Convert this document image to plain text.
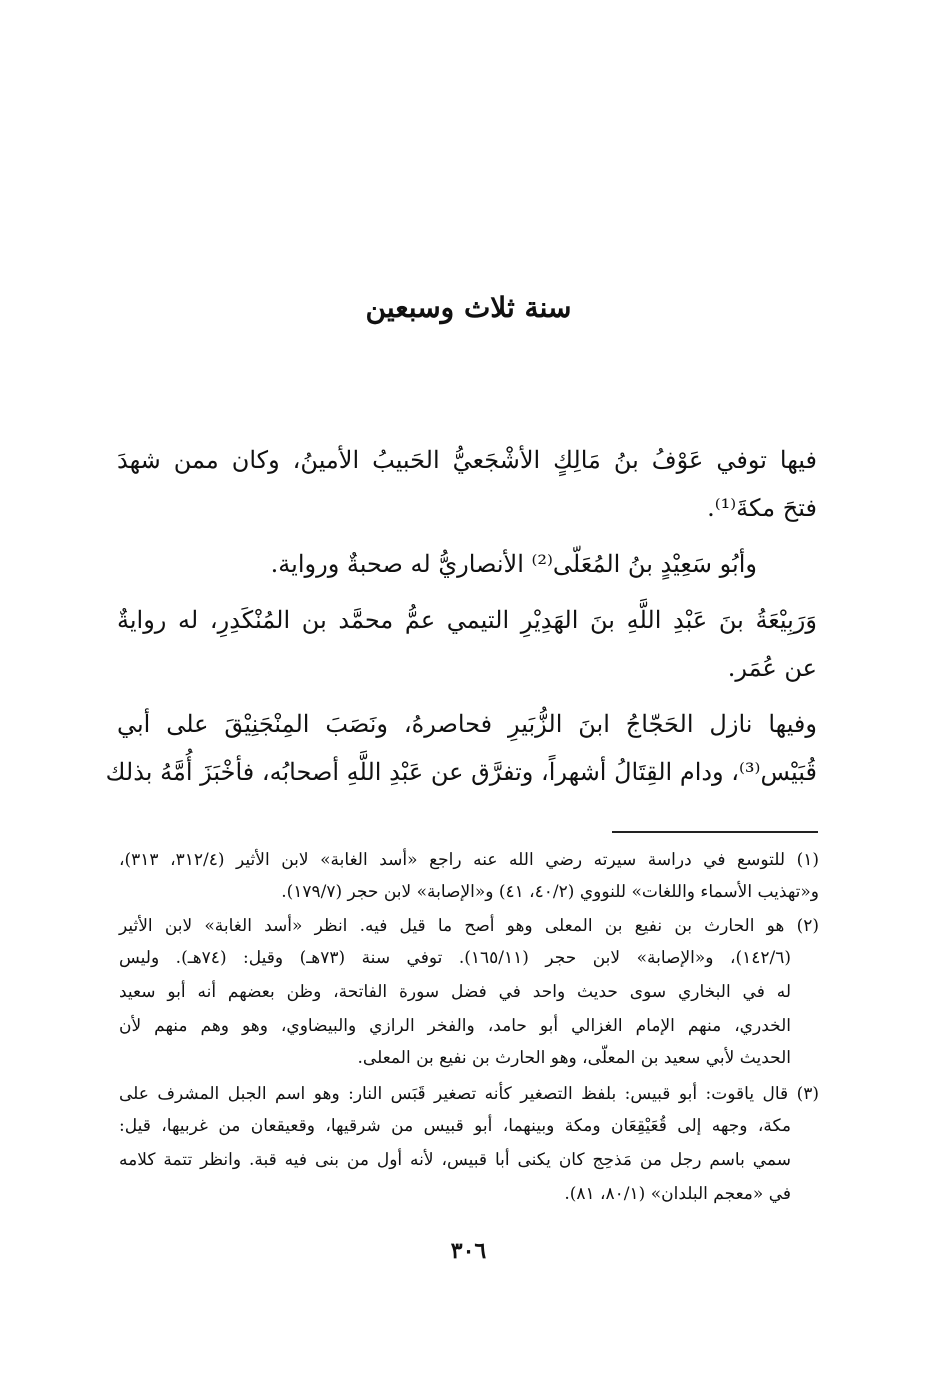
سنة ثلاث وسبعين
فيها توفي عَوْفُ بنُ مَالِكٍ الأشْجَعيُّ الحَبيبُ الأمينُ، وكان ممن شهدَ
فتحَ مكةَ⁽¹⁾.
وأبُو سَعِيْدٍ بنُ المُعَلّى⁽²⁾ الأنصاريُّ له صحبةٌ ورواية.
وَرَبِيْعَةُ بنَ عَبْدِ اللَّهِ بنَ الهَدِيْرِ التيمي عمُّ محمَّد بن المُنْكَدِرِ، له روايةٌ
عن عُمَر.
وفيها نازل الحَجّاجُ ابنَ الزُّبَيرِ فحاصرهُ، ونَصَبَ المِنْجَنِيْقَ على أبي
قُبَيْس⁽³⁾، ودام القِتَالُ أشهراً، وتفرَّق عن عَبْدِ اللَّهِ أصحابُه، فأخْبَزَ أُمَّهُ بذلك
(١) للتوسع في دراسة سيرته رضي الله عنه راجع «أسد الغابة» لابن الأثير (٣١٢/٤، ٣١٣)،
و«تهذيب الأسماء واللغات» للنووي (٤٠/٢، ٤١) و«الإصابة» لابن حجر (١٧٩/٧).
(٢) هو الحارث بن نفيع بن المعلى وهو أصح ما قيل فيه. انظر «أسد الغابة» لابن الأثير
(١٤٢/٦)، و«الإصابة» لابن حجر (١٦٥/١١). توفي سنة (٧٣هـ) وقيل: (٧٤هـ). وليس
له في البخاري سوى حديث واحد في فضل سورة الفاتحة، وظن بعضهم أنه أبو سعيد
الخدري، منهم الإمام الغزالي أبو حامد، والفخر الرازي والبيضاوي، وهو وهم منهم لأن
الحديث لأبي سعيد بن المعلّى، وهو الحارث بن نفيع بن المعلى.
(٣) قال ياقوت: أبو قبيس: بلفظ التصغير كأنه تصغير قَبَس النار: وهو اسم الجبل المشرف على
مكة، وجهه إلى قُعَيْقِعَان ومكة وبينهما، أبو قبيس من شرقيها، وقعيقعان من غربيها، قيل:
سمي باسم رجل من مَذحِج كان يكنى أبا قبيس، لأنه أول من بنى فيه قبة. وانظر تتمة كلامه
في «معجم البلدان» (٨٠/١، ٨١).
٣٠٦
